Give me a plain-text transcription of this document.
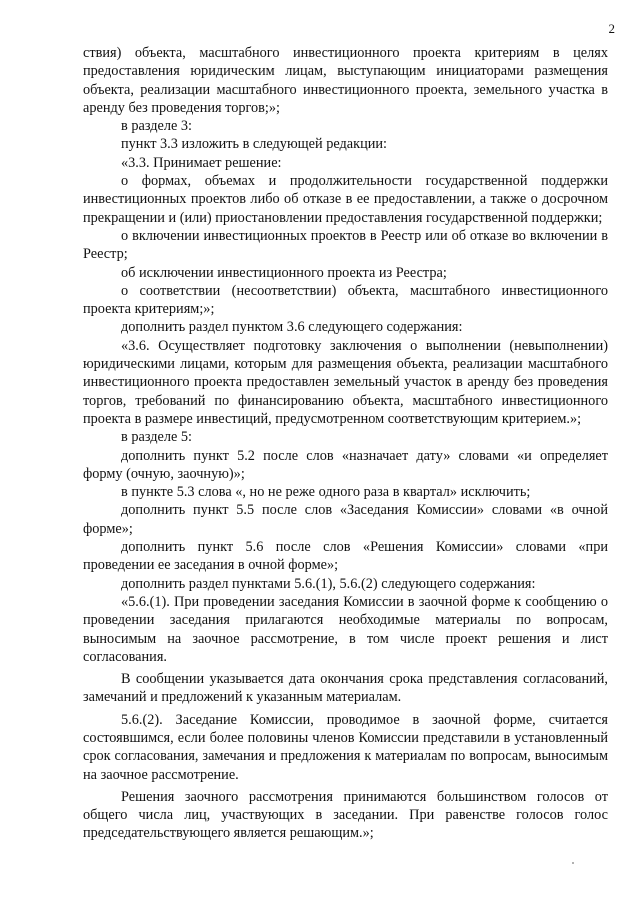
2

ствия) объекта, масштабного инвестиционного проекта критериям в целях предоставления юридическим лицам, выступающим инициаторами размещения объекта, реализации масштабного инвестиционного проекта, земельного участка в аренду без проведения торгов;»;

в разделе 3:

пункт 3.3 изложить в следующей редакции:

«3.3. Принимает решение:

о формах, объемах и продолжительности государственной поддержки инвестиционных проектов либо об отказе в ее предоставлении, а также о досрочном прекращении и (или) приостановлении предоставления государственной поддержки;

о включении инвестиционных проектов в Реестр или об отказе во включении в Реестр;

об исключении инвестиционного проекта из Реестра;

о соответствии (несоответствии) объекта, масштабного инвестиционного проекта критериям;»;

дополнить раздел пунктом 3.6 следующего содержания:

«3.6. Осуществляет подготовку заключения о выполнении (невыполнении) юридическими лицами, которым для размещения объекта, реализации масштабного инвестиционного проекта предоставлен земельный участок в аренду без проведения торгов, требований по финансированию объекта, масштабного инвестиционного проекта в размере инвестиций, предусмотренном соответствующим критерием.»;

в разделе 5:

дополнить пункт 5.2 после слов «назначает дату» словами «и определяет форму (очную, заочную)»;

в пункте 5.3 слова «, но не реже одного раза в квартал» исключить;

дополнить пункт 5.5 после слов «Заседания Комиссии» словами «в очной форме»;

дополнить пункт 5.6 после слов «Решения Комиссии» словами «при проведении ее заседания в очной форме»;

дополнить раздел пунктами 5.6.(1), 5.6.(2) следующего содержания:

«5.6.(1). При проведении заседания Комиссии в заочной форме к сообщению о проведении заседания прилагаются необходимые материалы по вопросам, выносимым на заочное рассмотрение, в том числе проект решения и лист согласования.

В сообщении указывается дата окончания срока представления согласований, замечаний и предложений к указанным материалам.

5.6.(2). Заседание Комиссии, проводимое в заочной форме, считается состоявшимся, если более половины членов Комиссии представили в установленный срок согласования, замечания и предложения к материалам по вопросам, выносимым на заочное рассмотрение.

Решения заочного рассмотрения принимаются большинством голосов от общего числа лиц, участвующих в заседании. При равенстве голосов голос председательствующего является решающим.»;
